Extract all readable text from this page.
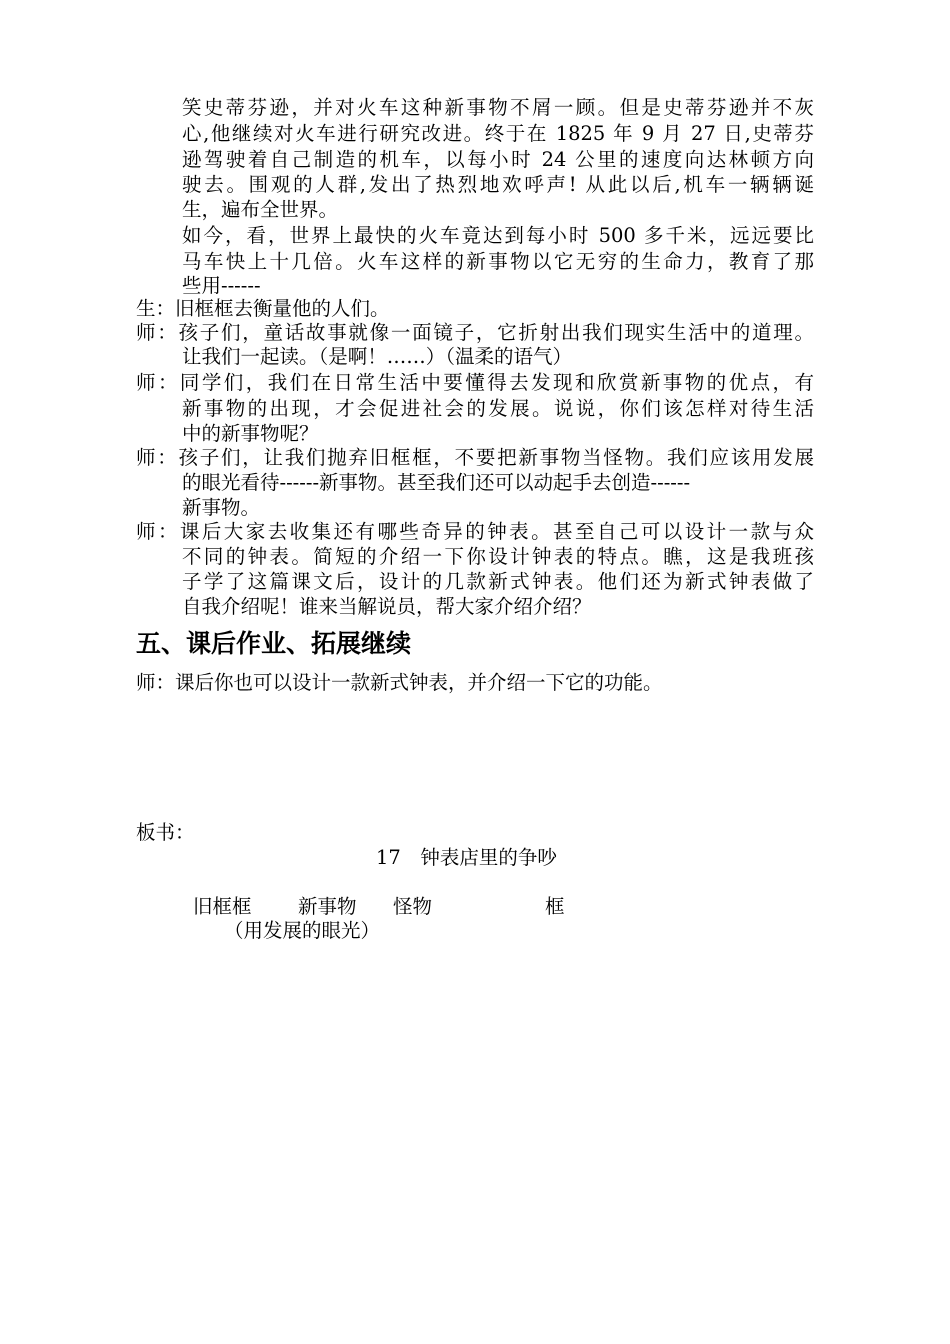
笑史蒂芬逊，并对火车这种新事物不屑一顾。但是史蒂芬逊并不灰
心,他继续对火车进行研究改进。终于在 1825 年 9 月 27 日,史蒂芬
逊驾驶着自己制造的机车，以每小时 24 公里的速度向达林顿方向
驶去。围观的人群,发出了热烈地欢呼声! 从此以后,机车一辆辆诞
生，遍布全世界。
如今，看，世界上最快的火车竟达到每小时 500 多千米，远远要比
马车快上十几倍。火车这样的新事物以它无穷的生命力，教育了那
些用------
生：旧框框去衡量他的人们。
师：孩子们，童话故事就像一面镜子，它折射出我们现实生活中的道理。
让我们一起读。（是啊！……）（温柔的语气）
师：同学们，我们在日常生活中要懂得去发现和欣赏新事物的优点，有
新事物的出现，才会促进社会的发展。说说，你们该怎样对待生活
中的新事物呢？
师：孩子们，让我们抛弃旧框框，不要把新事物当怪物。我们应该用发展
的眼光看待------新事物。甚至我们还可以动起手去创造------
新事物。
师：课后大家去收集还有哪些奇异的钟表。甚至自己可以设计一款与众
不同的钟表。简短的介绍一下你设计钟表的特点。瞧，这是我班孩
子学了这篇课文后，设计的几款新式钟表。他们还为新式钟表做了
自我介绍呢！谁来当解说员，帮大家介绍介绍？
五、课后作业、拓展继续
师：课后你也可以设计一款新式钟表，并介绍一下它的功能。
板书：
17　钟表店里的争吵
旧框框 新事物 怪物	框
（用发展的眼光）
